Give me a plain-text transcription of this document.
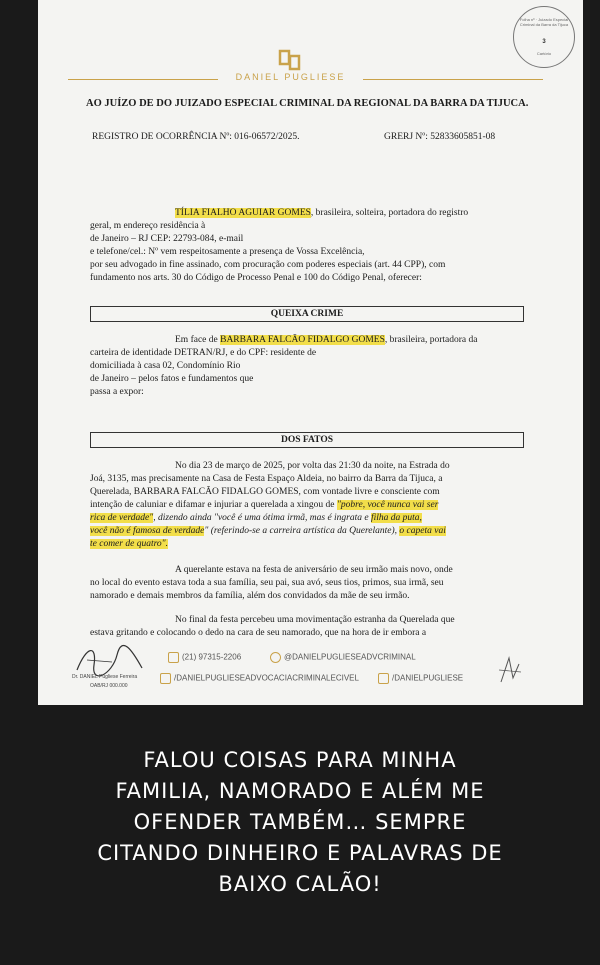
Folha nº · Juizado Especial Criminal da Barra da Tijuca
3
Cartório
DANIEL PUGLIESE
AO JUÍZO DE DO JUIZADO ESPECIAL CRIMINAL DA REGIONAL DA BARRA DA TIJUCA.
REGISTRO DE OCORRÊNCIA Nº: 016-06572/2025.	GRERJ Nº: 52833605851-08
TÍLIA FIALHO AGUIAR GOMES, brasileira, solteira, portadora do registro
geral, m endereço residência à
de Janeiro – RJ CEP: 22793-084, e-mail
e telefone/cel.: Nº vem respeitosamente a presença de Vossa Excelência,
por seu advogado in fine assinado, com procuração com poderes especiais (art. 44 CPP), com
fundamento nos arts. 30 do Código de Processo Penal e 100 do Código Penal, oferecer:
QUEIXA CRIME
Em face de BARBARA FALCÃO FIDALGO GOMES, brasileira, portadora da
carteira de identidade DETRAN/RJ, e do CPF: residente de
domiciliada à casa 02, Condomínio Rio
de Janeiro – pelos fatos e fundamentos que
passa a expor:
DOS FATOS
No dia 23 de março de 2025, por volta das 21:30 da noite, na Estrada do
Joá, 3135, mas precisamente na Casa de Festa Espaço Aldeia, no bairro da Barra da Tijuca, a
Querelada, BARBARA FALCÃO FIDALGO GOMES, com vontade livre e consciente com
intenção de caluniar e difamar e injuriar a querelada a xingou de "pobre, você nunca vai ser
rica de verdade", dizendo ainda "você é uma ótima irmã, mas é ingrata e filha da puta,
você não é famosa de verdade" (referindo-se a carreira artística da Querelante), o capeta vai
te comer de quatro".
A querelante estava na festa de aniversário de seu irmão mais novo, onde
no local do evento estava toda a sua família, seu pai, sua avó, seus tios, primos, sua irmã, seu
namorado e demais membros da família, além dos convidados da mãe de seu irmão.
No final da festa percebeu uma movimentação estranha da Querelada que
estava gritando e colocando o dedo na cara de seu namorado, que na hora de ir embora a
Dr. DANIEL Pugliese Ferreira
OAB/RJ 000.000
(21) 97315-2206	@DANIELPUGLIESEADVCRIMINAL
/DANIELPUGLIESEADVOCACIACRIMINALECIVEL	/DANIELPUGLIESE
FALOU COISAS PARA MINHA
FAMILIA, NAMORADO E ALÉM ME
OFENDER TAMBÉM… SEMPRE
CITANDO DINHEIRO E PALAVRAS DE
BAIXO CALÃO!
